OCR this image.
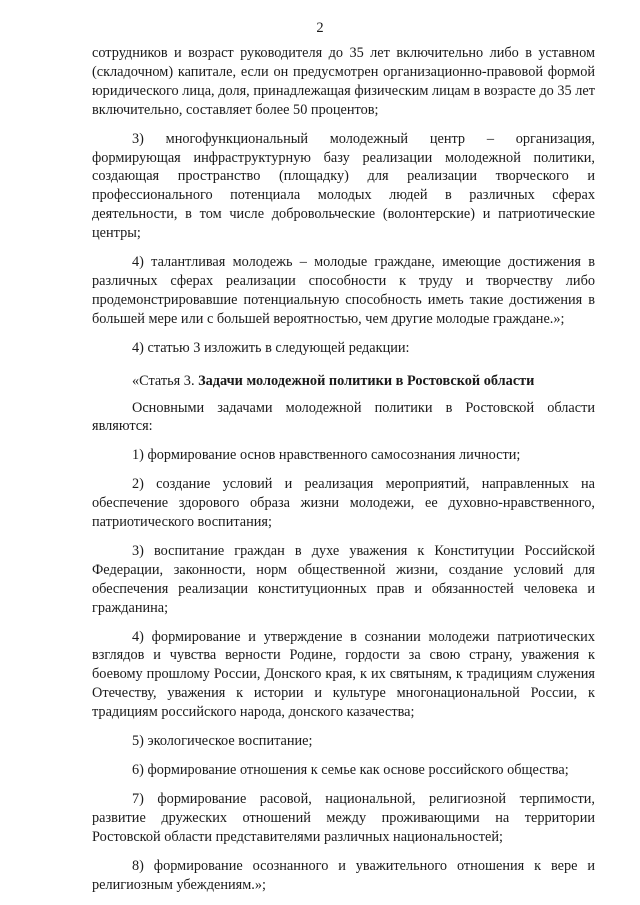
2

сотрудников и возраст руководителя до 35 лет включительно либо в уставном (складочном) капитале, если он предусмотрен организационно-правовой формой юридического лица, доля, принадлежащая физическим лицам в возрасте до 35 лет включительно, составляет более 50 процентов;

3) многофункциональный молодежный центр – организация, формирующая инфраструктурную базу реализации молодежной политики, создающая пространство (площадку) для реализации творческого и профессионального потенциала молодых людей в различных сферах деятельности, в том числе добровольческие (волонтерские) и патриотические центры;

4) талантливая молодежь – молодые граждане, имеющие достижения в различных сферах реализации способности к труду и творчеству либо продемонстрировавшие потенциальную способность иметь такие достижения в большей мере или с большей вероятностью, чем другие молодые граждане.»;

4) статью 3 изложить в следующей редакции:

«Статья 3. Задачи молодежной политики в Ростовской области

Основными задачами молодежной политики в Ростовской области являются:

1) формирование основ нравственного самосознания личности;

2) создание условий и реализация мероприятий, направленных на обеспечение здорового образа жизни молодежи, ее духовно-нравственного, патриотического воспитания;

3) воспитание граждан в духе уважения к Конституции Российской Федерации, законности, норм общественной жизни, создание условий для обеспечения реализации конституционных прав и обязанностей человека и гражданина;

4) формирование и утверждение в сознании молодежи патриотических взглядов и чувства верности Родине, гордости за свою страну, уважения к боевому прошлому России, Донского края, к их святыням, к традициям служения Отечеству, уважения к истории и культуре многонациональной России, к традициям российского народа, донского казачества;

5) экологическое воспитание;

6) формирование отношения к семье как основе российского общества;

7) формирование расовой, национальной, религиозной терпимости, развитие дружеских отношений между проживающими на территории Ростовской области представителями различных национальностей;

8) формирование осознанного и уважительного отношения к вере и религиозным убеждениям.»;
